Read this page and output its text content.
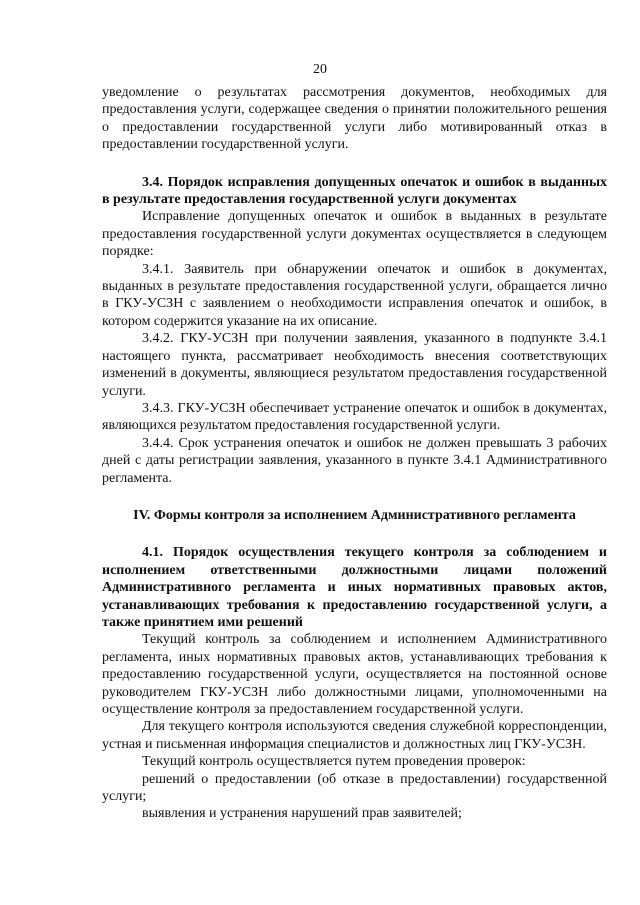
20

уведомление о результатах рассмотрения документов, необходимых для предоставления услуги, содержащее сведения о принятии положительного решения о предоставлении государственной услуги либо мотивированный отказ в предоставлении государственной услуги.

3.4. Порядок исправления допущенных опечаток и ошибок в выданных в результате предоставления государственной услуги документах

Исправление допущенных опечаток и ошибок в выданных в результате предоставления государственной услуги документах осуществляется в следующем порядке:

3.4.1. Заявитель при обнаружении опечаток и ошибок в документах, выданных в результате предоставления государственной услуги, обращается лично в ГКУ-УСЗН с заявлением о необходимости исправления опечаток и ошибок, в котором содержится указание на их описание.

3.4.2. ГКУ-УСЗН при получении заявления, указанного в подпункте 3.4.1 настоящего пункта, рассматривает необходимость внесения соответствующих изменений в документы, являющиеся результатом предоставления государственной услуги.

3.4.3. ГКУ-УСЗН обеспечивает устранение опечаток и ошибок в документах, являющихся результатом предоставления государственной услуги.

3.4.4. Срок устранения опечаток и ошибок не должен превышать 3 рабочих дней с даты регистрации заявления, указанного в пункте 3.4.1 Административного регламента.

IV. Формы контроля за исполнением Административного регламента

4.1. Порядок осуществления текущего контроля за соблюдением и исполнением ответственными должностными лицами положений Административного регламента и иных нормативных правовых актов, устанавливающих требования к предоставлению государственной услуги, а также принятием ими решений

Текущий контроль за соблюдением и исполнением Административного регламента, иных нормативных правовых актов, устанавливающих требования к предоставлению государственной услуги, осуществляется на постоянной основе руководителем ГКУ-УСЗН либо должностными лицами, уполномоченными на осуществление контроля за предоставлением государственной услуги.

Для текущего контроля используются сведения служебной корреспонденции, устная и письменная информация специалистов и должностных лиц ГКУ-УСЗН.

Текущий контроль осуществляется путем проведения проверок:

решений о предоставлении (об отказе в предоставлении) государственной услуги;

выявления и устранения нарушений прав заявителей;
